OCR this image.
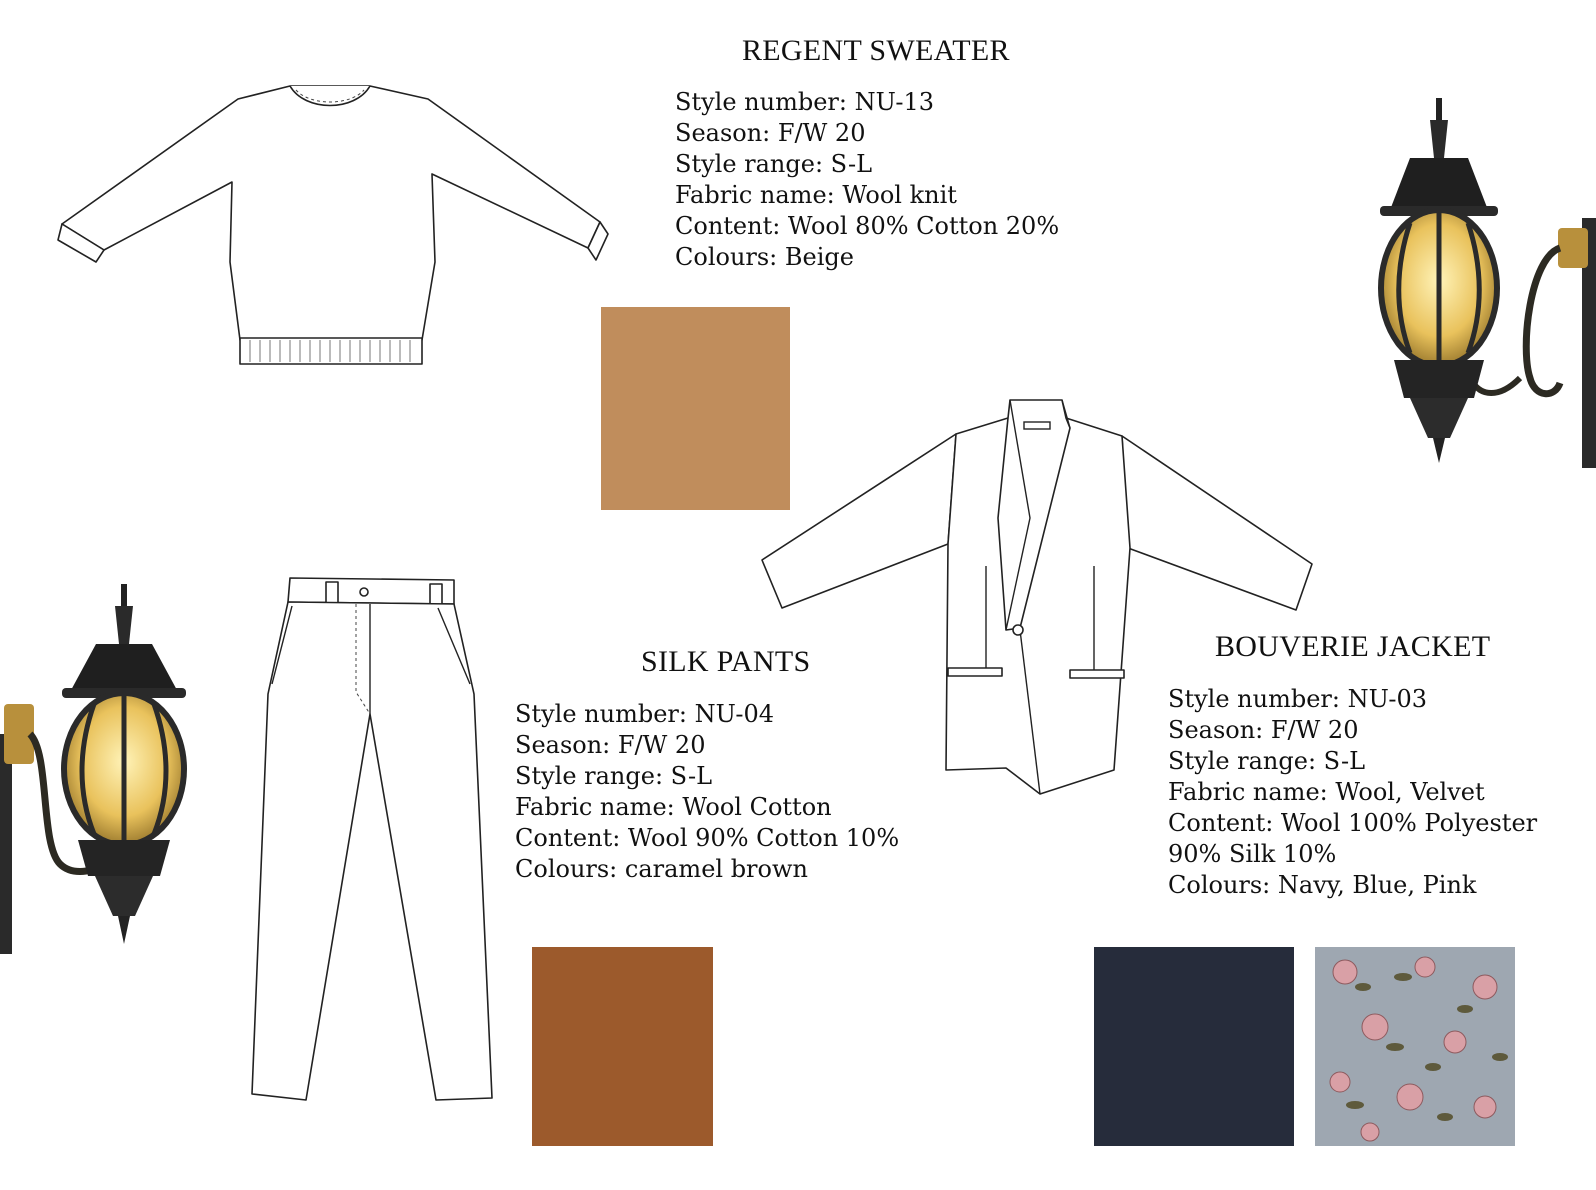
REGENT SWEATER
Style number: NU-13
Season: F/W 20
Style range: S-L
Fabric name: Wool knit
Content: Wool 80% Cotton 20%
Colours: Beige
SILK PANTS
Style number: NU-04
Season: F/W 20
Style range: S-L
Fabric name: Wool Cotton
Content: Wool 90% Cotton 10%
Colours: caramel brown
BOUVERIE JACKET
Style number: NU-03
Season: F/W 20
Style range: S-L
Fabric name: Wool, Velvet
Content: Wool 100% Polyester 90% Silk 10%
Colours: Navy, Blue, Pink
